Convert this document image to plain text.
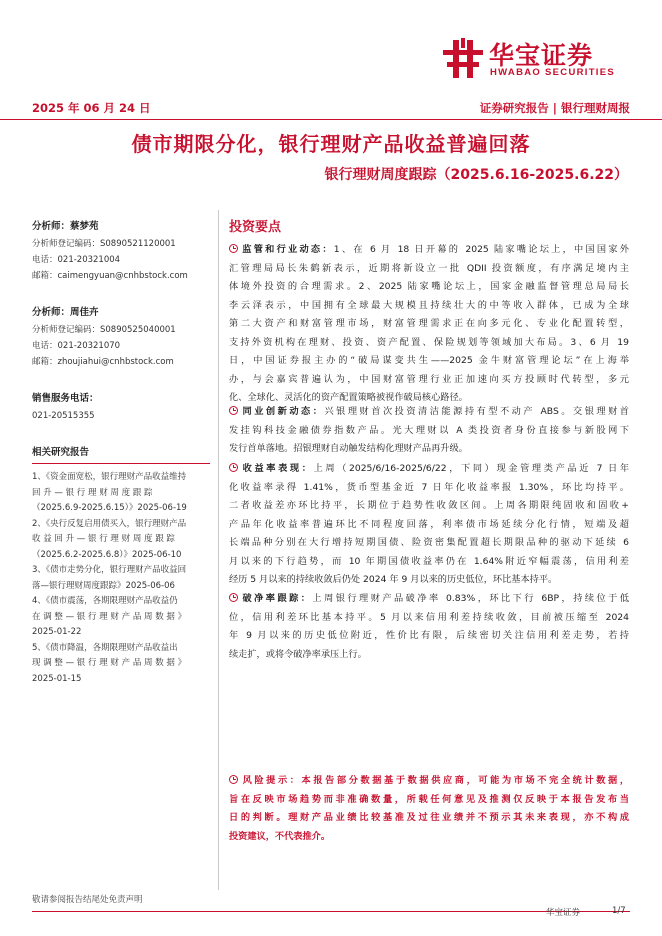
华宝证券
HWABAO SECURITIES
2025 年 06 月 24 日	证券研究报告 | 银行理财周报
债市期限分化，银行理财产品收益普遍回落
银行理财周度跟踪（2025.6.16-2025.6.22）
分析师：蔡梦苑
分析师登记编码：S0890521120001
电话：021-20321004
邮箱：caimengyuan@cnhbstock.com
分析师：周佳卉
分析师登记编码：S0890525040001
电话：021-20321070
邮箱：zhoujiahui@cnhbstock.com
销售服务电话：
021-20515355
相关研究报告
1、《资金面宽松，银行理财产品收益维持
回 升 — 银 行 理 财 周 度 跟 踪
（2025.6.9-2025.6.15）》2025-06-19
2、《央行反复启用债买入，银行理财产品
收 益 回 升 — 银 行 理 财 周 度 跟 踪
（2025.6.2-2025.6.8）》2025-06-10
3、《债市走势分化，银行理财产品收益回
落—银行理财周度跟踪》2025-06-06
4、《债市震荡，各期限理财产品收益仍
在 调 整 — 银 行 理 财 产 品 周 数 据 》
2025-01-22
5、《债市降温，各期限理财产品收益出
现 调 整 — 银 行 理 财 产 品 周 数 据 》
2025-01-15
投资要点
监管和行业动态：1、在 6 月 18 日开幕的 2025 陆家嘴论坛上，中国国家外
汇管理局局长朱鹤新表示，近期将新设立一批 QDII 投资额度，有序满足境内主
体境外投资的合理需求。2、2025 陆家嘴论坛上，国家金融监督管理总局局长
李云泽表示，中国拥有全球最大规模且持续壮大的中等收入群体，已成为全球
第二大资产和财富管理市场，财富管理需求正在向多元化、专业化配置转型，
支持外资机构在理财、投资、资产配置、保险规划等领域加大布局。3、6 月 19
日，中国证券报主办的“破局谋变共生——2025 金牛财富管理论坛”在上海举
办，与会嘉宾普遍认为，中国财富管理行业正加速向买方投顾时代转型，多元
化、全球化、灵活化的资产配置策略被视作破局核心路径。
同业创新动态：兴银理财首次投资清洁能源持有型不动产 ABS。交银理财首
发挂钩科技金融债券指数产品。光大理财以 A 类投资者身份直接参与新股网下
发行首单落地。招银理财自动触发结构化理财产品再升级。
收益率表现：上周（2025/6/16-2025/6/22，下同）现金管理类产品近 7 日年
化收益率录得 1.41%，货币型基金近 7 日年化收益率报 1.30%，环比均持平。
二者收益差亦环比持平，长期位于趋势性收敛区间。上周各期限纯固收和固收+
产品年化收益率普遍环比不同程度回落，利率债市场延续分化行情，短端及超
长端品种分别在大行增持短期国债、险资密集配置超长期限品种的驱动下延续 6
月以来的下行趋势，而 10 年期国债收益率仍在 1.64%附近窄幅震荡，信用利差
经历 5 月以来的持续收敛后仍处 2024 年 9 月以来的历史低位，环比基本持平。
破净率跟踪：上周银行理财产品破净率 0.83%，环比下行 6BP，持续位于低
位，信用利差环比基本持平。5 月以来信用利差持续收敛，目前被压缩至 2024
年 9 月以来的历史低位附近，性价比有限，后续密切关注信用利差走势，若持
续走扩，或将令破净率承压上行。
风险提示：本报告部分数据基于数据供应商，可能为市场不完全统计数据，
旨在反映市场趋势而非准确数量，所载任何意见及推测仅反映于本报告发布当
日的判断。理财产品业绩比较基准及过往业绩并不预示其未来表现，亦不构成
投资建议，不代表推介。
敬请参阅报告结尾处免责声明
华宝证券	1/7
